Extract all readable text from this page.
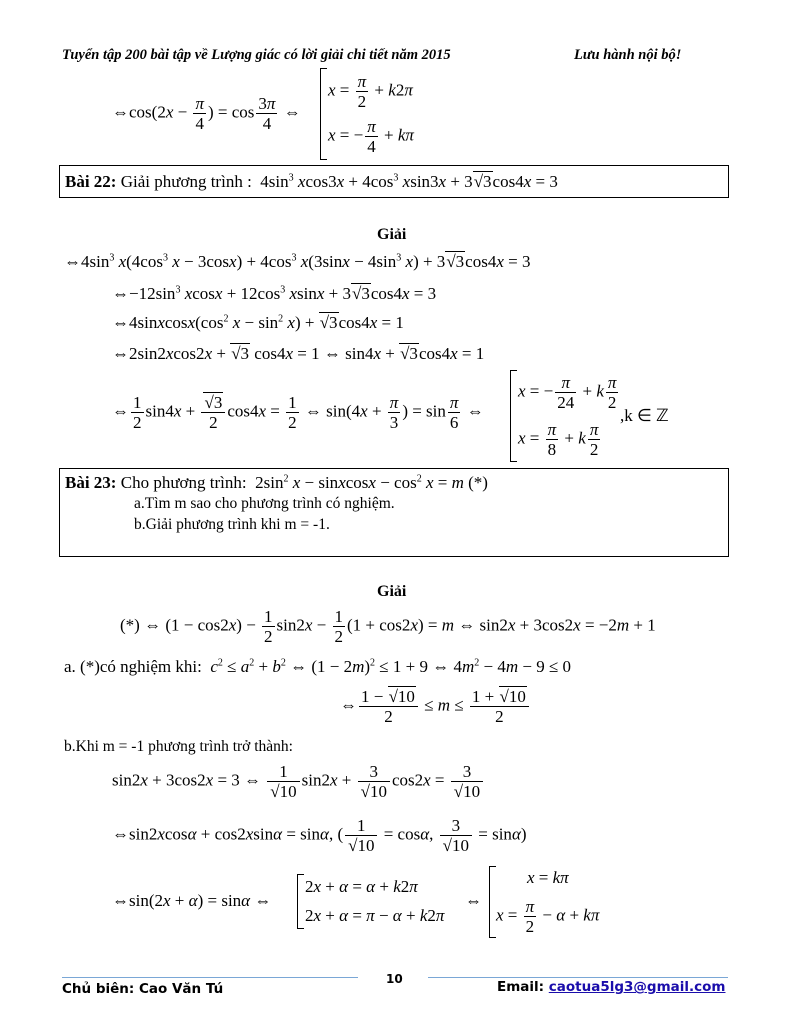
Tuyển tập 200 bài tập về Lượng giác có lời giải chi tiết năm 2015	Lưu hành nội bộ!
⇔cos(2x − $\frac{\pi}{4}$ ) = $\cos \frac{3\pi}{4}$ ⇔
$x = \frac{\pi}{2} + k2\pi$
x = − $\frac{\pi}{4} + k\pi$
Bài 22: Giải phương trình :  $4\sin^3$ $xcos3x + 4\cos^3$ xsin3x + 3√3cos4x = 3
Giải
$\Leftrightarrow 4\sin^3$ $x(4\cos^3$ $x - 3\cos x) + 4\cos^3$ $x(3\sin x - 4\sin^3$ x) + 3√3cos4x = 3
$\Leftrightarrow-12\sin^3$ $xcosx + 12\cos^3$ xsinx + 3√3cos4x = 3
$\Leftrightarrow 4sinxcosx(\cos^2$ $x - \sin^2 x) + √3\cos 4x = 1$
⇔2sin2xcos2x + √3 cos4x = 1 ⇔ sin4x + √3cos4x = 1
⇔ $\frac{1}{2} \sin 4x + \frac{√3}{2} \cos 4x = \frac{1}{2}$ ⇔ $\sin(4x + \frac{\pi}{3}$ ) = $\sin \frac{\pi}{6}$ ⇔
x = − $\frac{\pi}{24} + k \frac{\pi}{2}$
$x = \frac{\pi}{8} + k \frac{\pi}{2}$
,k ∈ ℤ
Bài 23: Cho phương trình:  $2\sin^2$ x − sinxcosx − $\cos^2 x = m$ (*)
a.Tìm m sao cho phương trình có nghiệm.
b.Giải phương trình khi m = -1.
Giải
(*) ⇔ $(1 - \cos 2x) - \frac{1}{2} \sin 2x - \frac{1}{2} (1 + \cos 2x) = m$ ⇔ sin2x + 3cos2x = −2m + 1
a. (*)có nghiệm khi: $c^2 \le a^2 + b^2$ ⇔ $(1 - 2m)^2 \le 1 + 9$ ⇔ $4m^2 - 4m - 9 \le 0$
⇔ $\frac{1 - √10}{2} \le m \le \frac{1 + √10}{2}$
b.Khi m = -1 phương trình trở thành:
sin2x + 3cos2x = 3 ⇔ $\frac{1}{√10} \sin 2x + \frac{3}{√10} \cos 2x = \frac{3}{√10}$
⇔sin2xcosα + cos2xsinα = sinα, ( $\frac{1}{√10} = \cos\alpha$, $\frac{3}{√10} = \sin\alpha$)
⇔sin(2x + α) = sinα ⇔
2x + α = α + k2π
2x + α = π − α + k2π
⇔
x = kπ
$x = \frac{\pi}{2} - \alpha + k\pi$
10
Chủ biên: Cao Văn Tú	Email: caotua5lg3@gmail.com
